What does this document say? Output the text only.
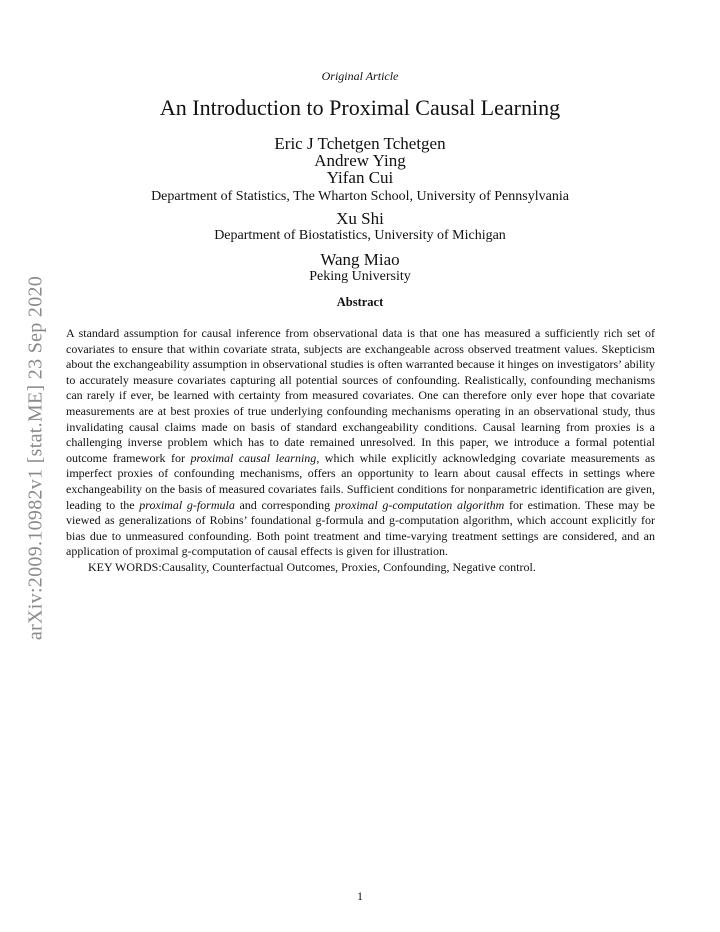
arXiv:2009.10982v1 [stat.ME] 23 Sep 2020
Original Article
An Introduction to Proximal Causal Learning
Eric J Tchetgen Tchetgen
Andrew Ying
Yifan Cui
Department of Statistics, The Wharton School, University of Pennsylvania
Xu Shi
Department of Biostatistics, University of Michigan
Wang Miao
Peking University
Abstract

A standard assumption for causal inference from observational data is that one has measured a sufficiently rich set of covariates to ensure that within covariate strata, subjects are exchangeable across observed treatment values. Skepticism about the exchangeability assumption in observational studies is often warranted because it hinges on investigators’ ability to accurately measure covariates capturing all potential sources of confounding. Realistically, confounding mechanisms can rarely if ever, be learned with certainty from measured covariates. One can therefore only ever hope that covariate measurements are at best proxies of true underlying confounding mechanisms operating in an observational study, thus invalidating causal claims made on basis of standard exchangeability conditions. Causal learning from proxies is a challenging inverse problem which has to date remained unresolved. In this paper, we introduce a formal potential outcome framework for proximal causal learning, which while explicitly acknowledging covariate measurements as imperfect proxies of confounding mechanisms, offers an opportunity to learn about causal effects in settings where exchangeability on the basis of measured covariates fails. Sufficient conditions for nonparametric identification are given, leading to the proximal g-formula and corresponding proximal g-computation algorithm for estimation. These may be viewed as generalizations of Robins’ foundational g-formula and g-computation algorithm, which account explicitly for bias due to unmeasured confounding. Both point treatment and time-varying treatment settings are considered, and an application of proximal g-computation of causal effects is given for illustration.

KEY WORDS:Causality, Counterfactual Outcomes, Proxies, Confounding, Negative control.

1
